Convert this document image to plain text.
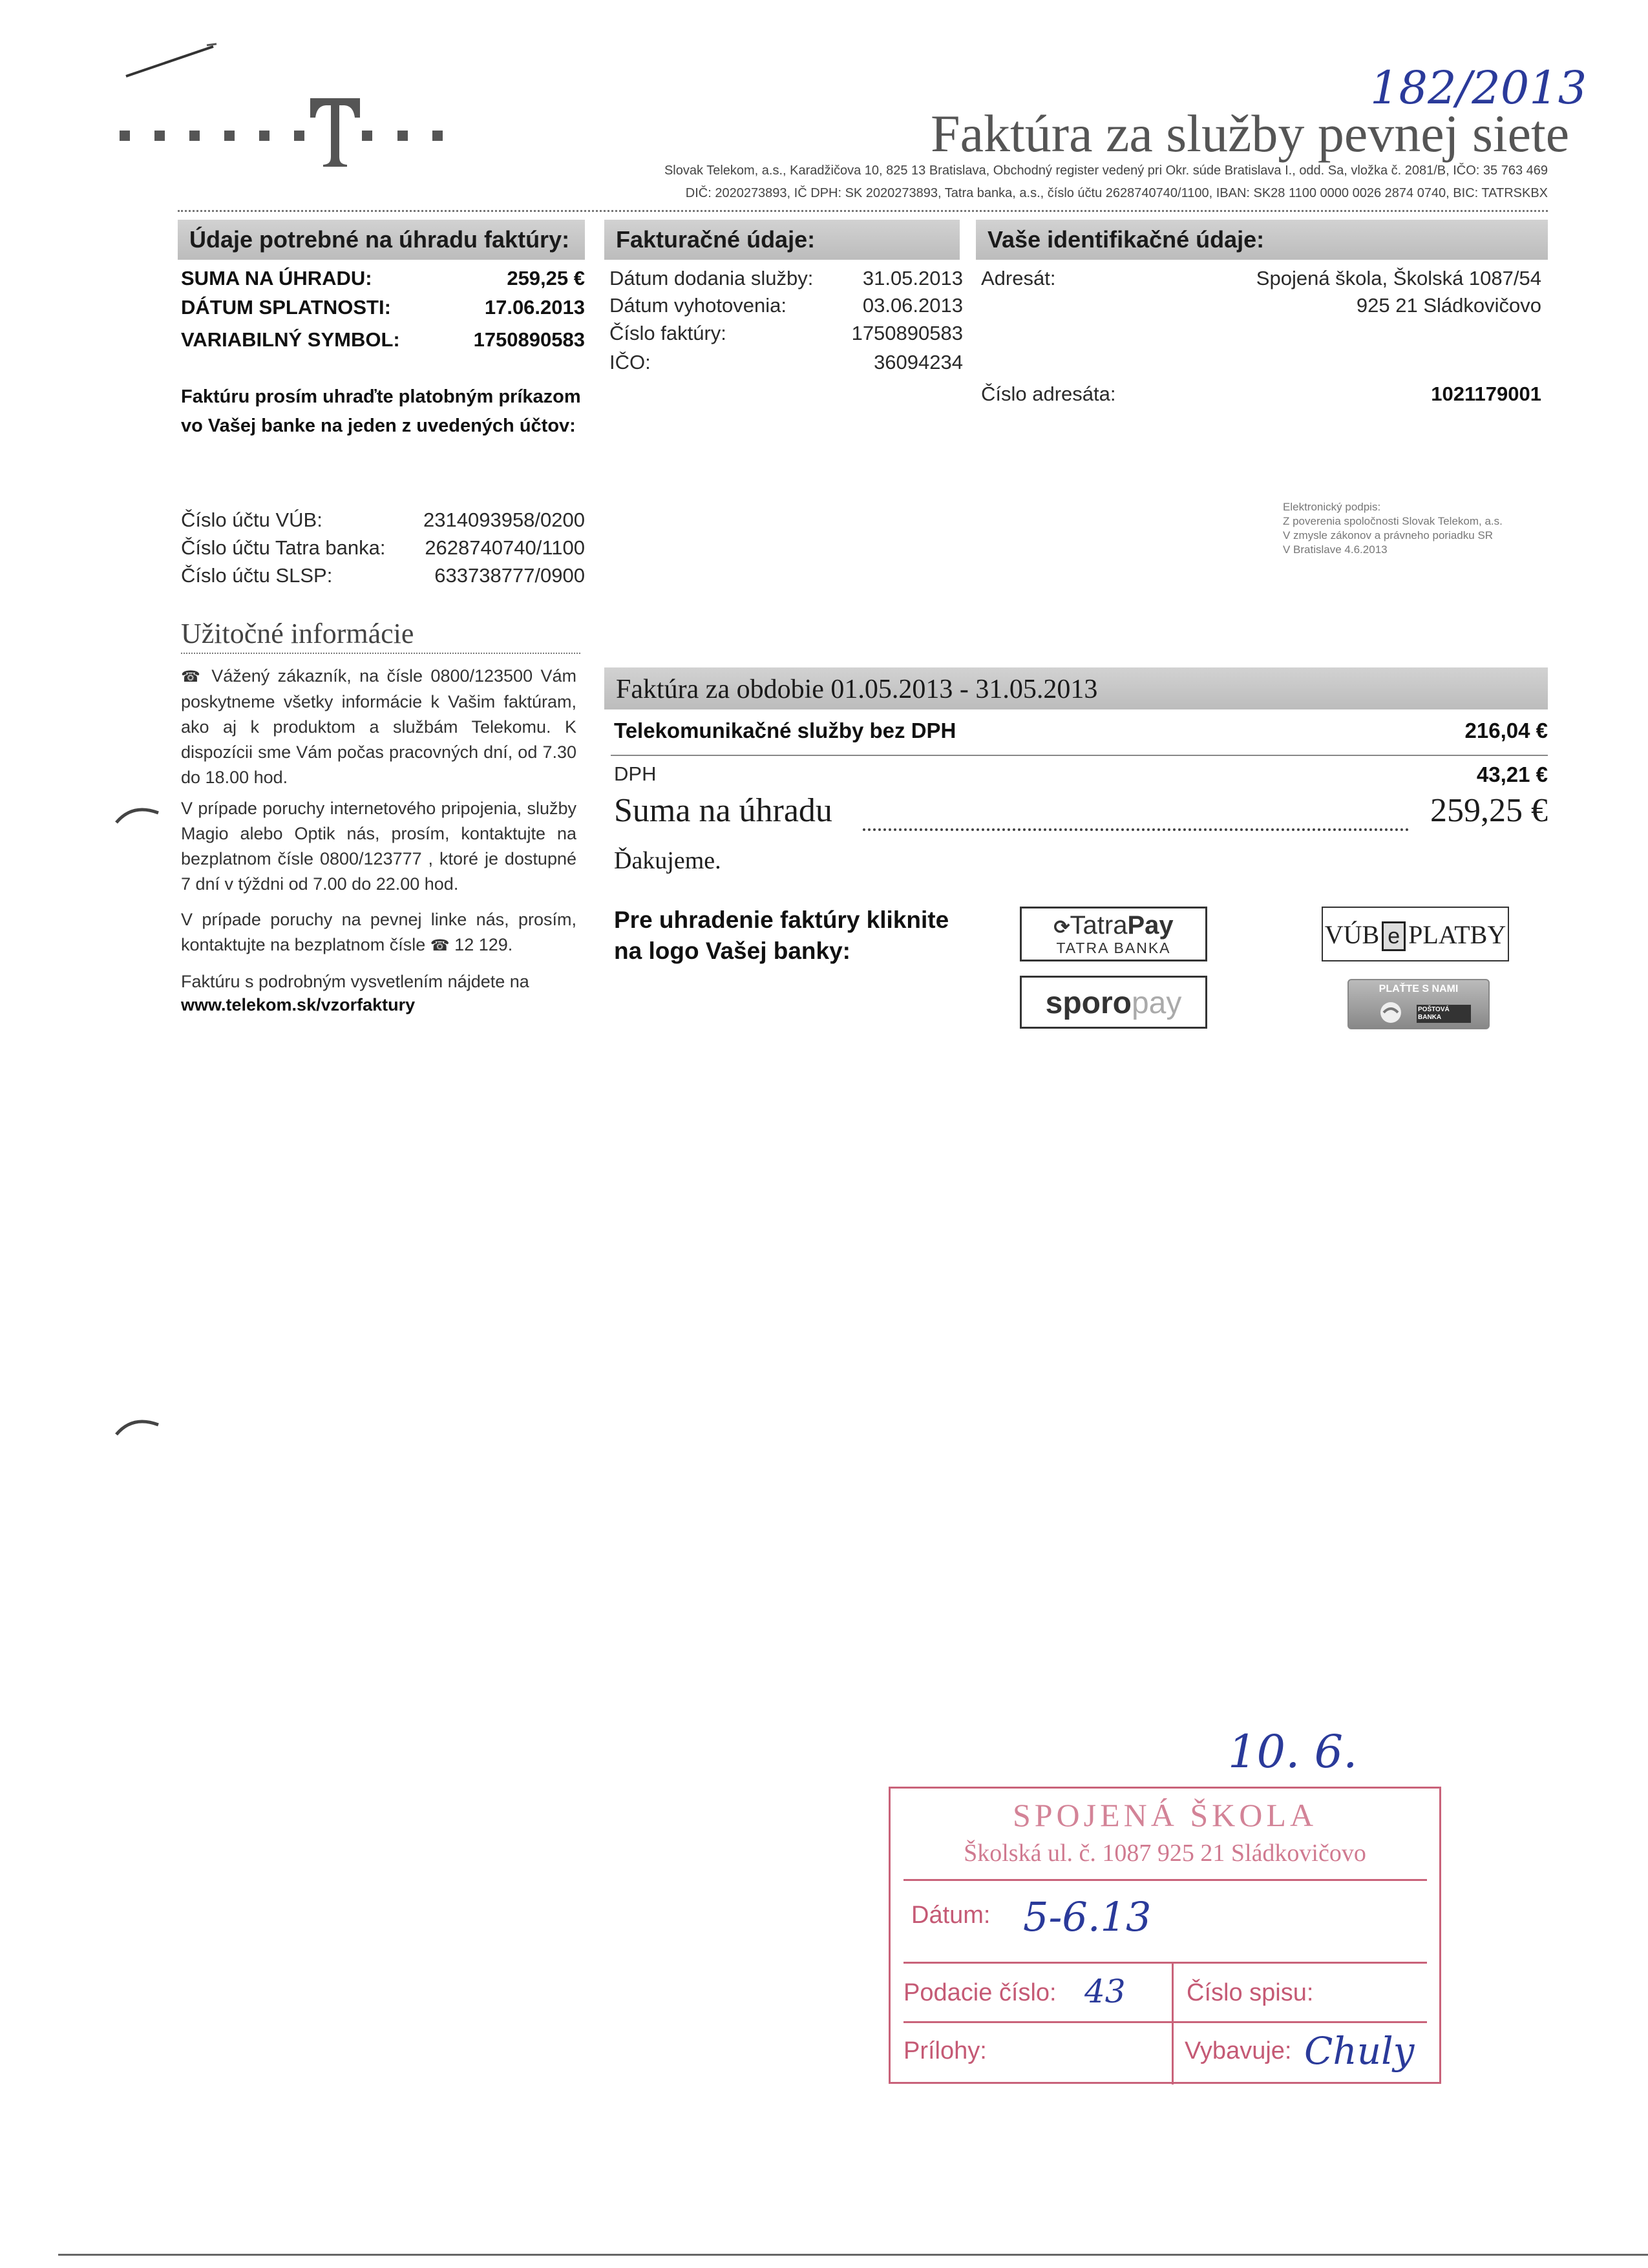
182/2013
Faktúra za služby pevnej siete
Slovak Telekom, a.s., Karadžičova 10, 825 13 Bratislava, Obchodný register vedený pri Okr. súde Bratislava I., odd. Sa, vložka č. 2081/B, IČO: 35 763 469
DIČ: 2020273893, IČ DPH: SK 2020273893, Tatra banka, a.s., číslo účtu 2628740740/1100, IBAN: SK28 1100 0000 0026 2874 0740, BIC: TATRSKBX
Údaje potrebné na úhradu faktúry:	Fakturačné údaje:	Vaše identifikačné údaje:
SUMA NA ÚHRADU:	259,25 €
DÁTUM SPLATNOSTI:	17.06.2013
VARIABILNÝ SYMBOL:	1750890583
Faktúru prosím uhraďte platobným príkazom
vo Vašej banke na jeden z uvedených účtov:
Dátum dodania služby: 31.05.2013
Dátum vyhotovenia:	03.06.2013
Číslo faktúry:	1750890583
IČO:	36094234
Adresát:	Spojená škola, Školská 1087/54
925 21 Sládkovičovo
Číslo adresáta:	1021179001
Číslo účtu VÚB:	2314093958/0200
Číslo účtu Tatra banka: 2628740740/1100
Číslo účtu SLSP:	633738777/0900
Elektronický podpis:
Z poverenia spoločnosti Slovak Telekom, a.s.
V zmysle zákonov a právneho poriadku SR
V Bratislave 4.6.2013
Užitočné informácie
☎ Vážený zákazník, na čísle 0800/123500 Vám poskytneme všetky informácie k Vašim faktúram, ako aj k produktom a službám Telekomu. K dispozícii sme Vám počas pracovných dní, od 7.30 do 18.00 hod.
V prípade poruchy internetového pripojenia, služby Magio alebo Optik nás, prosím, kontaktujte na bezplatnom čísle 0800/123777 , ktoré je dostupné 7 dní v týždni od 7.00 do 22.00 hod.
V prípade poruchy na pevnej linke nás, prosím, kontaktujte na bezplatnom čísle ☎ 12 129.
Faktúru s podrobným vysvetlením nájdete na
www.telekom.sk/vzorfaktury
Faktúra za obdobie 01.05.2013 - 31.05.2013
Telekomunikačné služby bez DPH	216,04 €
DPH	43,21 €
Suma na úhradu	259,25 €
Ďakujeme.
Pre uhradenie faktúry kliknite
na logo Vašej banky:
⟳TatraPay
TATRA BANKA	VÚB e PLATBY
sporopay	PLAŤTE S NAMI
POŠTOVÁ BANKA
10. 6.
SPOJENÁ ŠKOLA
Školská ul. č. 1087 925 21 Sládkovičovo
Dátum: 5-6.13
Podacie číslo: 43 Číslo spisu:
Prílohy:	Vybavuje: Chuly
